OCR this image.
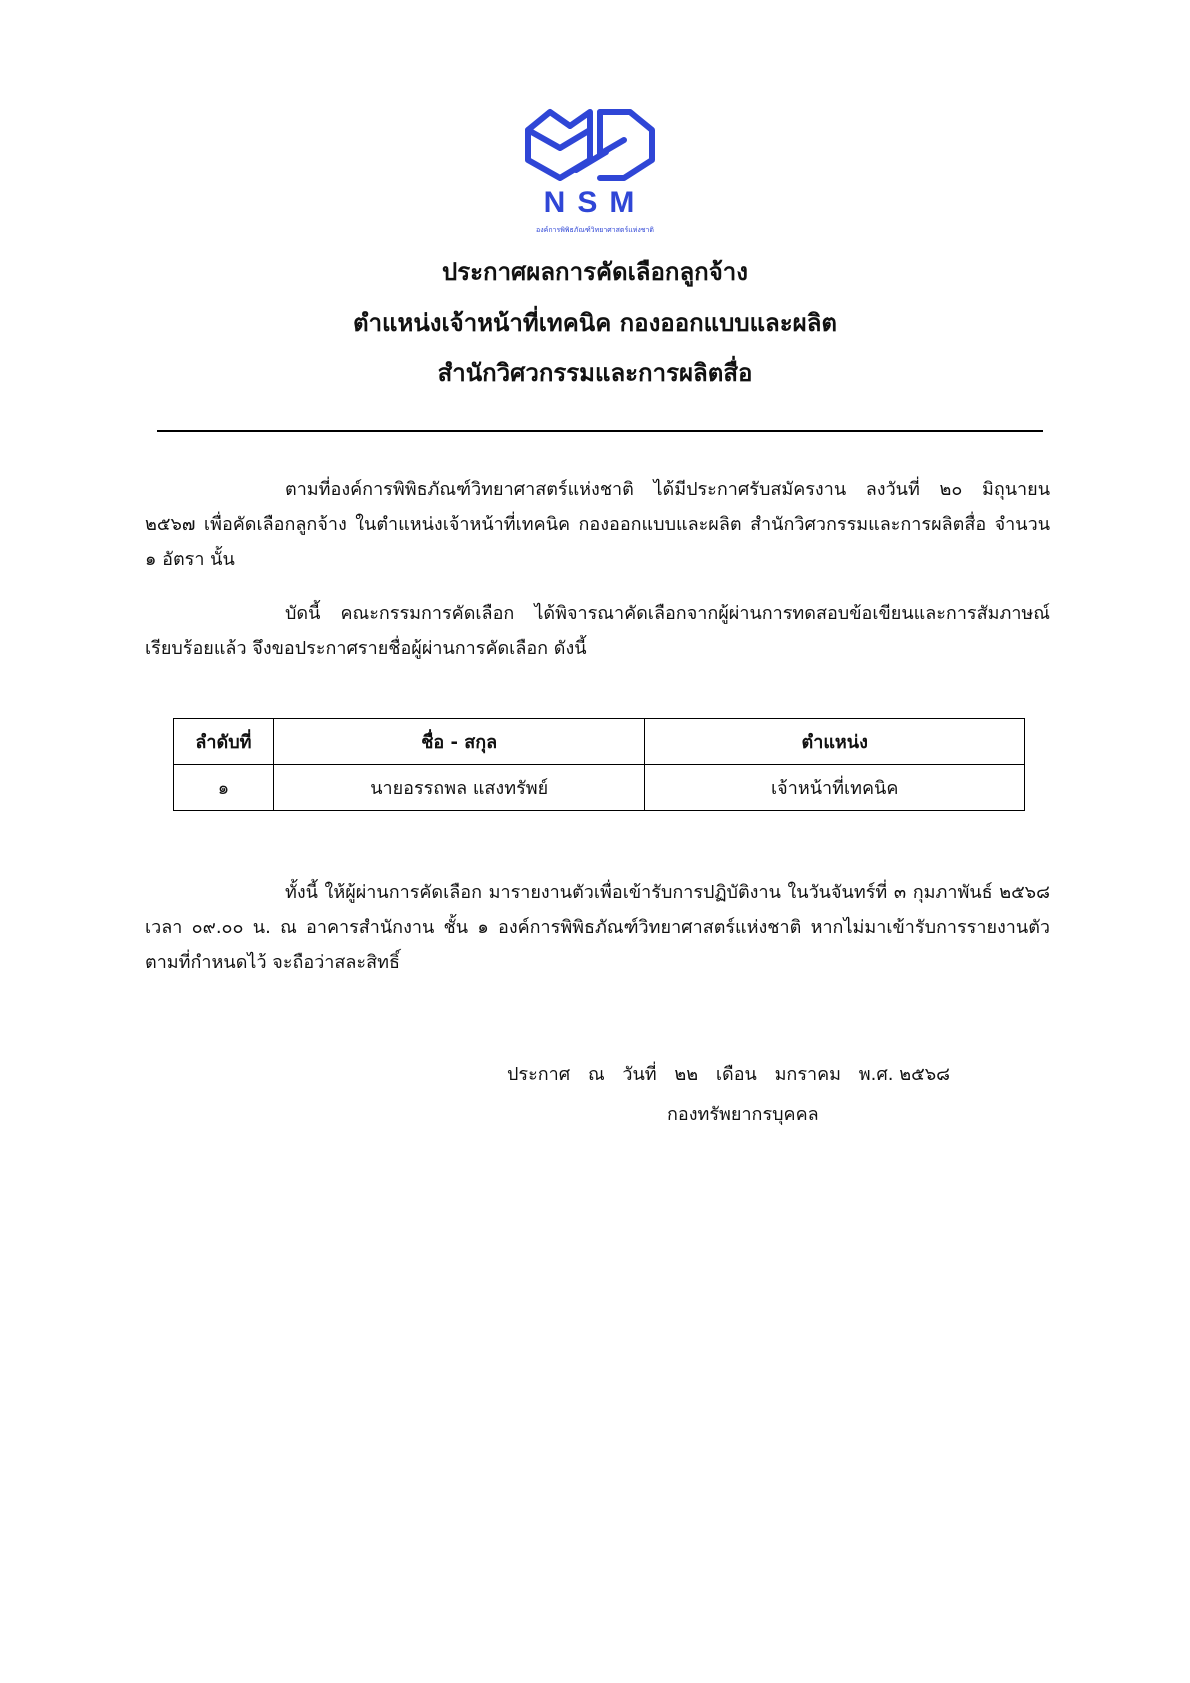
NSM
องค์การพิพิธภัณฑ์วิทยาศาสตร์แห่งชาติ
ประกาศผลการคัดเลือกลูกจ้าง
ตำแหน่งเจ้าหน้าที่เทคนิค กองออกแบบและผลิต
สำนักวิศวกรรมและการผลิตสื่อ
ตามที่องค์การพิพิธภัณฑ์วิทยาศาสตร์แห่งชาติ ได้มีประกาศรับสมัครงาน ลงวันที่ ๒๐ มิถุนายน ๒๕๖๗ เพื่อคัดเลือกลูกจ้าง ในตำแหน่งเจ้าหน้าที่เทคนิค กองออกแบบและผลิต สำนักวิศวกรรมและการผลิตสื่อ จำนวน ๑ อัตรา นั้น
บัดนี้ คณะกรรมการคัดเลือก ได้พิจารณาคัดเลือกจากผู้ผ่านการทดสอบข้อเขียนและการสัมภาษณ์เรียบร้อยแล้ว จึงขอประกาศรายชื่อผู้ผ่านการคัดเลือก ดังนี้
ลำดับที่	ชื่อ - สกุล	ตำแหน่ง
๑	นายอรรถพล แสงทรัพย์	เจ้าหน้าที่เทคนิค
ทั้งนี้ ให้ผู้ผ่านการคัดเลือก มารายงานตัวเพื่อเข้ารับการปฏิบัติงาน ในวันจันทร์ที่ ๓ กุมภาพันธ์ ๒๕๖๘ เวลา ๐๙.๐๐ น. ณ อาคารสำนักงาน ชั้น ๑ องค์การพิพิธภัณฑ์วิทยาศาสตร์แห่งชาติ หากไม่มาเข้ารับการรายงานตัวตามที่กำหนดไว้ จะถือว่าสละสิทธิ์
ประกาศ ณ วันที่ ๒๒ เดือน มกราคม พ.ศ. ๒๕๖๘
กองทรัพยากรบุคคล
